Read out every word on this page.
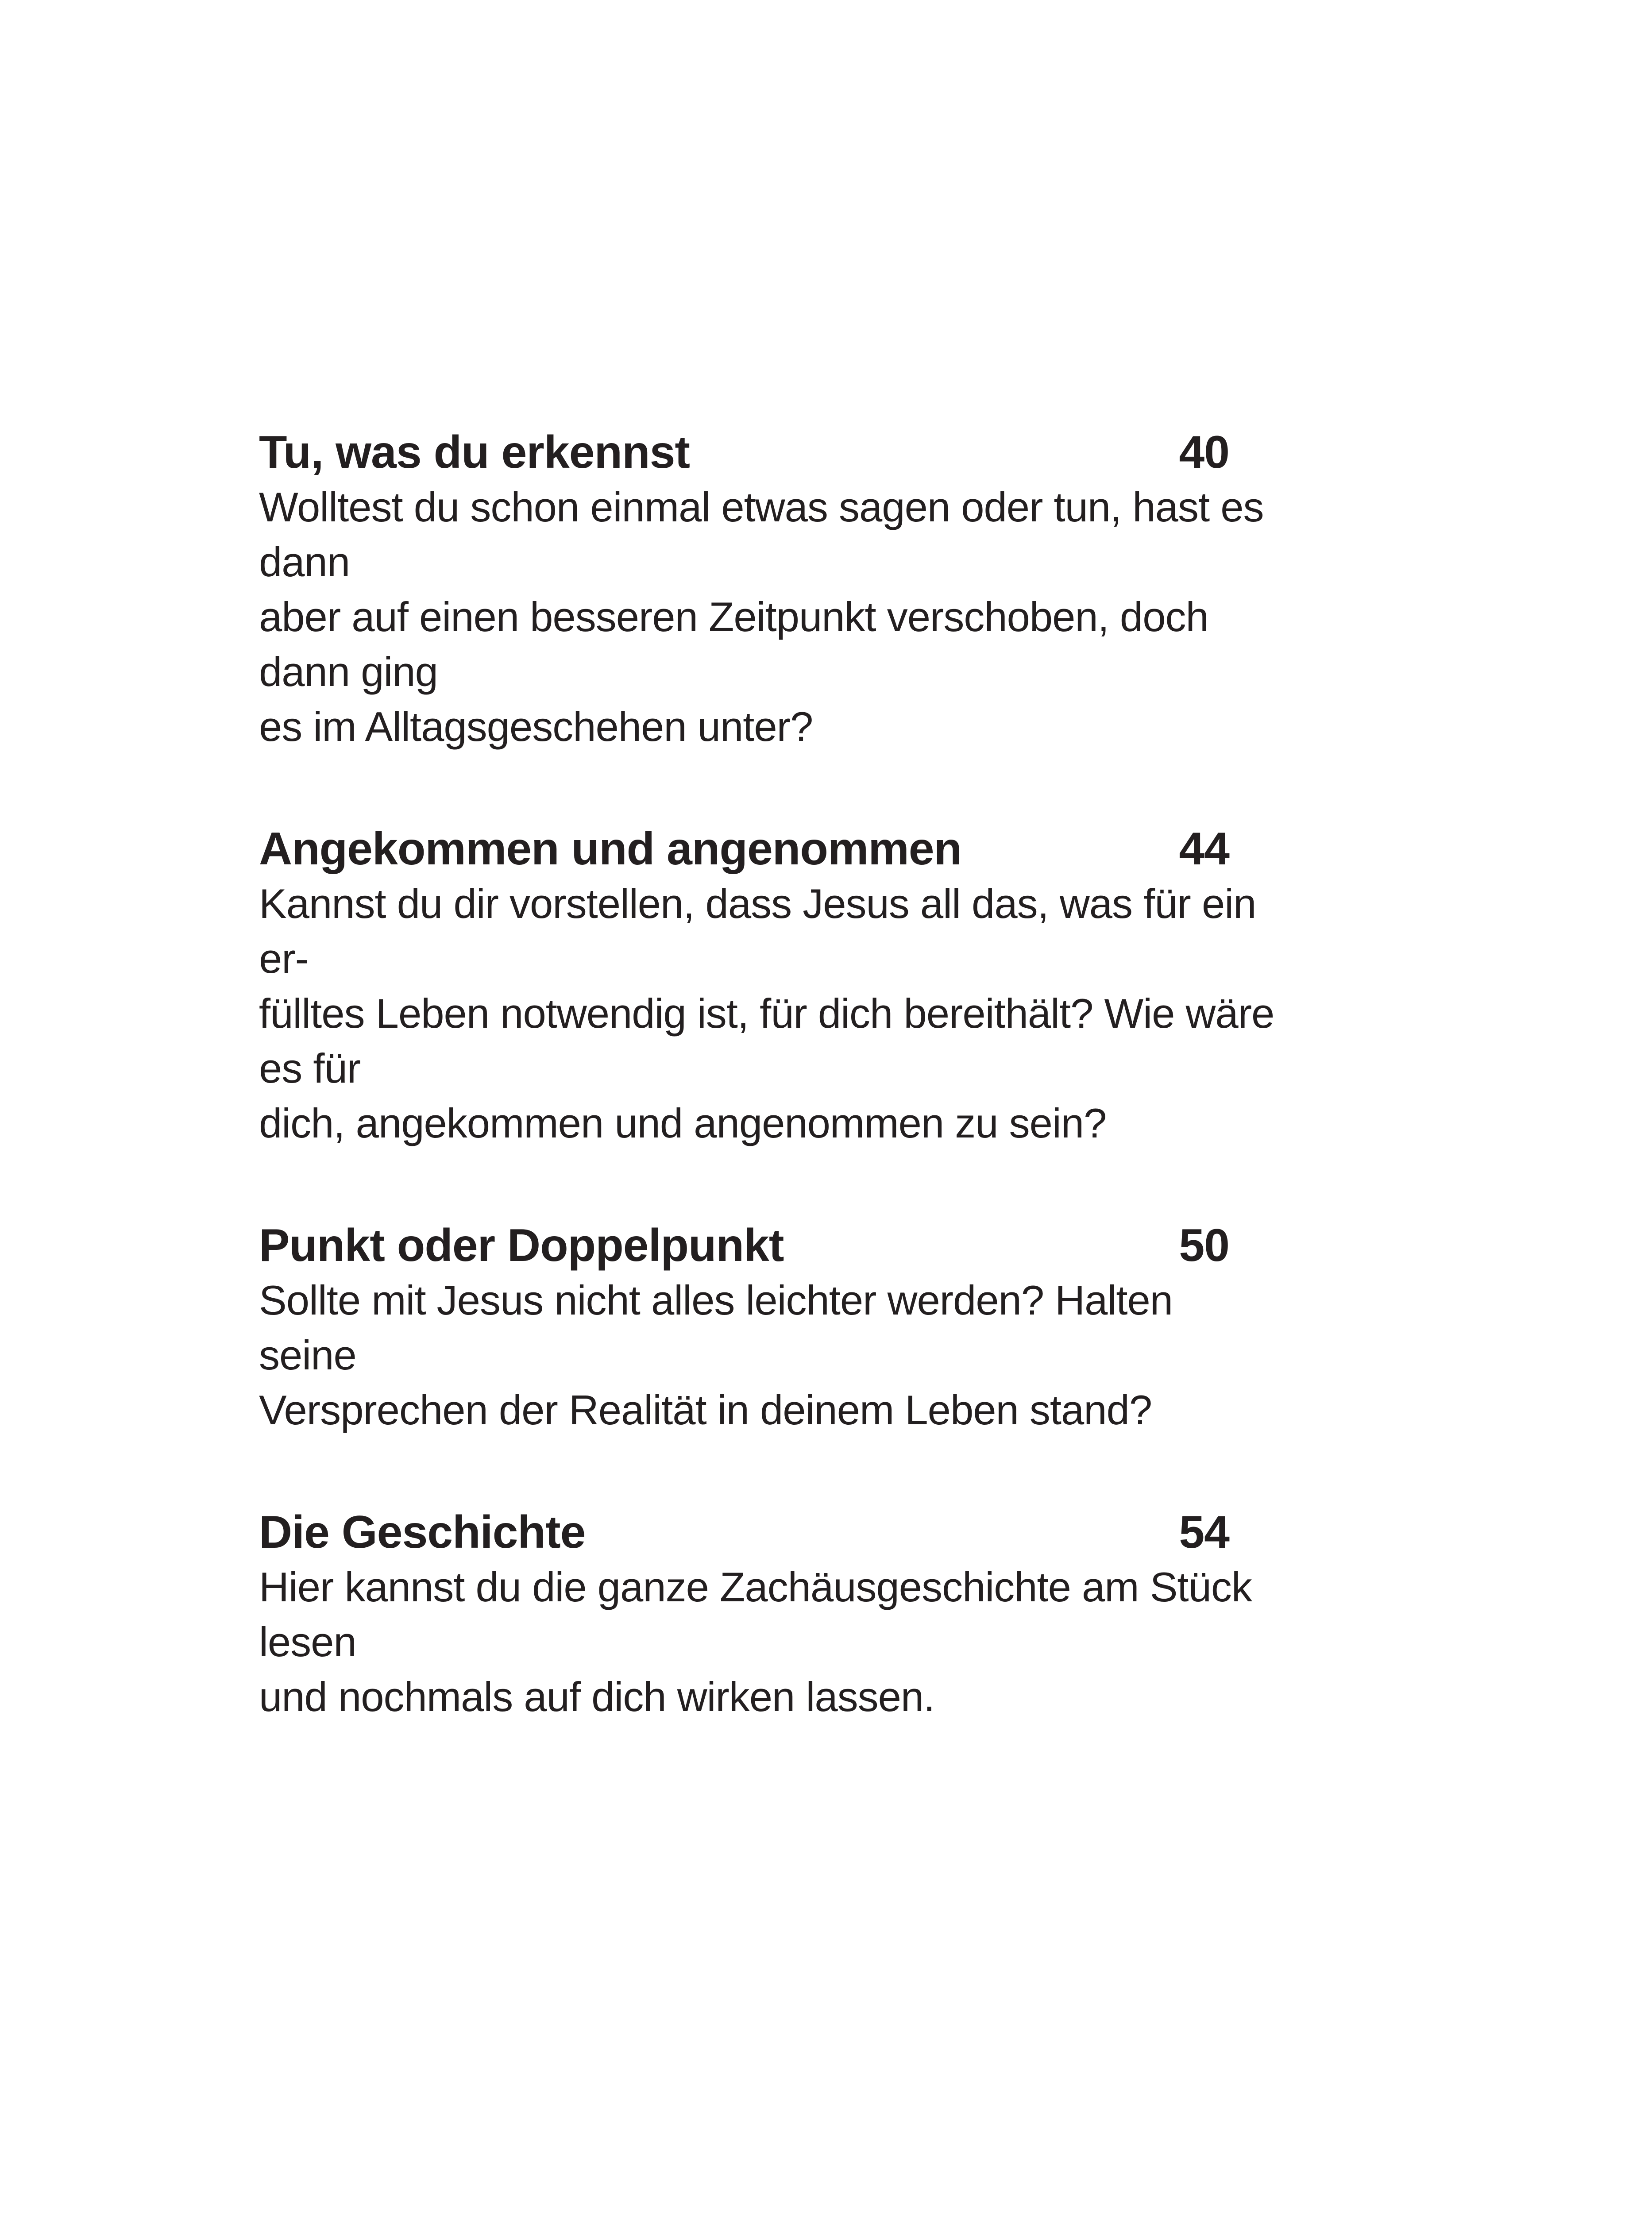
Tu, was du erkennst	40
Wolltest du schon einmal etwas sagen oder tun, hast es dann
aber auf einen besseren Zeitpunkt verschoben, doch dann ging
es im Alltagsgeschehen unter?
Angekommen und angenommen	44
Kannst du dir vorstellen, dass Jesus all das, was für ein er-
fülltes Leben notwendig ist, für dich bereithält? Wie wäre es für
dich, angekommen und angenommen zu sein?
Punkt oder Doppelpunkt	50
Sollte mit Jesus nicht alles leichter werden? Halten seine
Versprechen der Realität in deinem Leben stand?
Die Geschichte	54
Hier kannst du die ganze Zachäusgeschichte am Stück lesen
und nochmals auf dich wirken lassen.
